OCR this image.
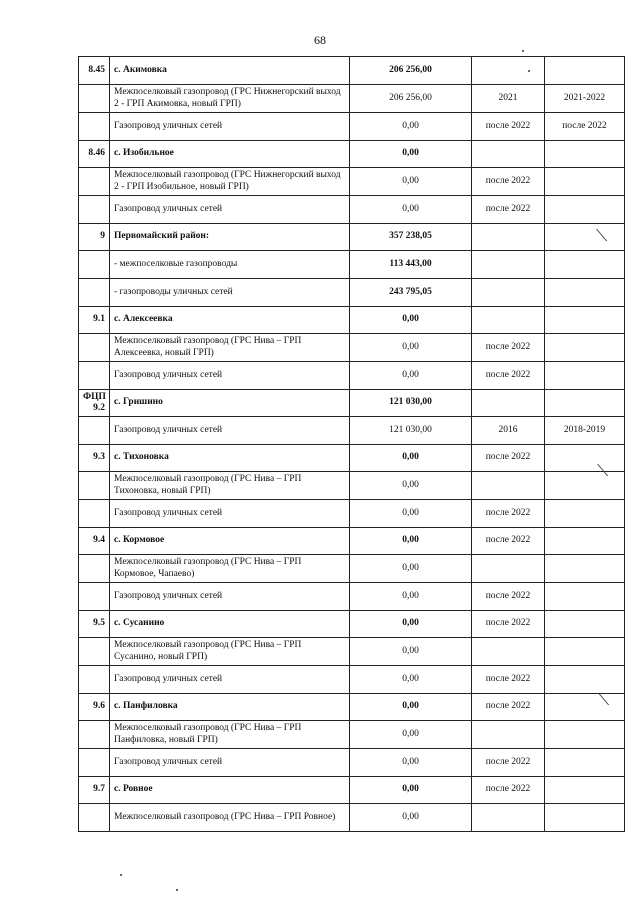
68
8.45	с. Акимовка	206 256,00		
	Межпоселковый газопровод (ГРС Нижнегорский выход 2 - ГРП Акимовка, новый ГРП)	206 256,00	2021	2021-2022
	Газопровод уличных сетей	0,00	после 2022	после 2022
8.46	с. Изобильное	0,00		
	Межпоселковый газопровод (ГРС Нижнегорский выход 2 - ГРП Изобильное, новый ГРП)	0,00	после 2022	
	Газопровод уличных сетей	0,00	после 2022	
9	Первомайский район:	357 238,05		
	- межпоселковые газопроводы	113 443,00		
	- газопроводы уличных сетей	243 795,05		
9.1	с. Алексеевка	0,00		
	Межпоселковый газопровод (ГРС Нива – ГРП Алексеевка, новый ГРП)	0,00	после 2022	
	Газопровод уличных сетей	0,00	после 2022	
ФЦП 9.2	с. Гришино	121 030,00		
	Газопровод уличных сетей	121 030,00	2016	2018-2019
9.3	с. Тихоновка	0,00	после 2022	
	Межпоселковый газопровод (ГРС Нива – ГРП Тихоновка, новый ГРП)	0,00		
	Газопровод уличных сетей	0,00	после 2022	
9.4	с. Кормовое	0,00	после 2022	
	Межпоселковый газопровод (ГРС Нива – ГРП Кормовое, Чапаево)	0,00		
	Газопровод уличных сетей	0,00	после 2022	
9.5	с. Сусанино	0,00	после 2022	
	Межпоселковый газопровод (ГРС Нива – ГРП Сусанино, новый ГРП)	0,00		
	Газопровод уличных сетей	0,00	после 2022	
9.6	с. Панфиловка	0,00	после 2022	
	Межпоселковый газопровод (ГРС Нива – ГРП Панфиловка, новый ГРП)	0,00		
	Газопровод уличных сетей	0,00	после 2022	
9.7	с. Ровное	0,00	после 2022	
	Межпоселковый газопровод (ГРС Нива – ГРП Ровное)	0,00		
⟍
⟍
⟍
